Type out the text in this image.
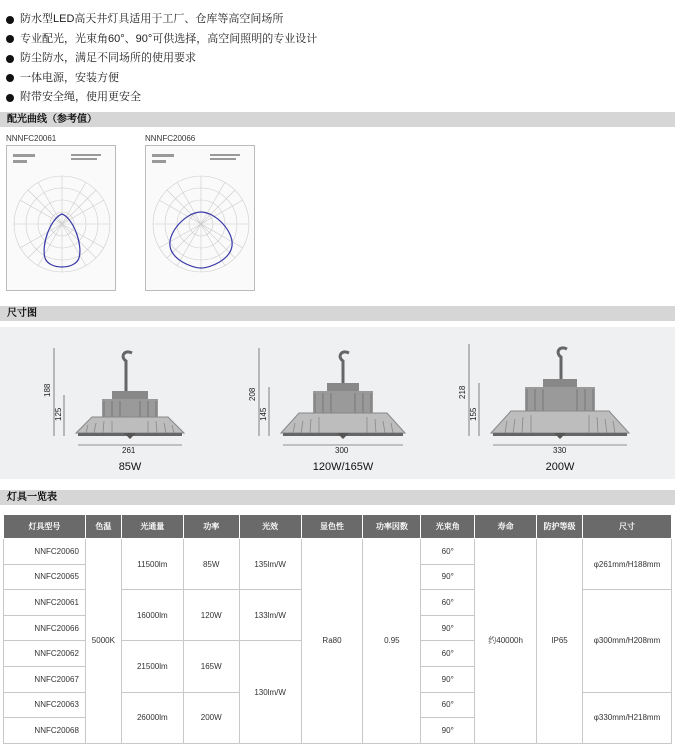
防水型LED高天井灯具适用于工厂、仓库等高空间场所
专业配光，光束角60°、90°可供选择，高空间照明的专业设计
防尘防水，满足不同场所的使用要求
一体电源，安装方便
附带安全绳，使用更安全
配光曲线（参考值）
NNNFC20061	NNNFC20066
尺寸图
188
125
261
85W
208
145
300
120W/165W
218
155
330
200W
灯具一览表
灯具型号	色温	光通量	功率	光效	显色性	功率因数	光束角	寿命	防护等级	尺寸
NNFC20060	5000K	11500lm	85W	135lm/W	Ra80	0.95	60°	约40000h	IP65	φ261mm/H188mm
NNFC20065							90°			
NNFC20061		16000lm	120W	133lm/W			60°			φ300mm/H208mm
NNFC20066							90°			
NNFC20062		21500lm	165W	130lm/W			60°			
NNFC20067							90°			
NNFC20063		26000lm	200W				60°			φ330mm/H218mm
NNFC20068							90°			
